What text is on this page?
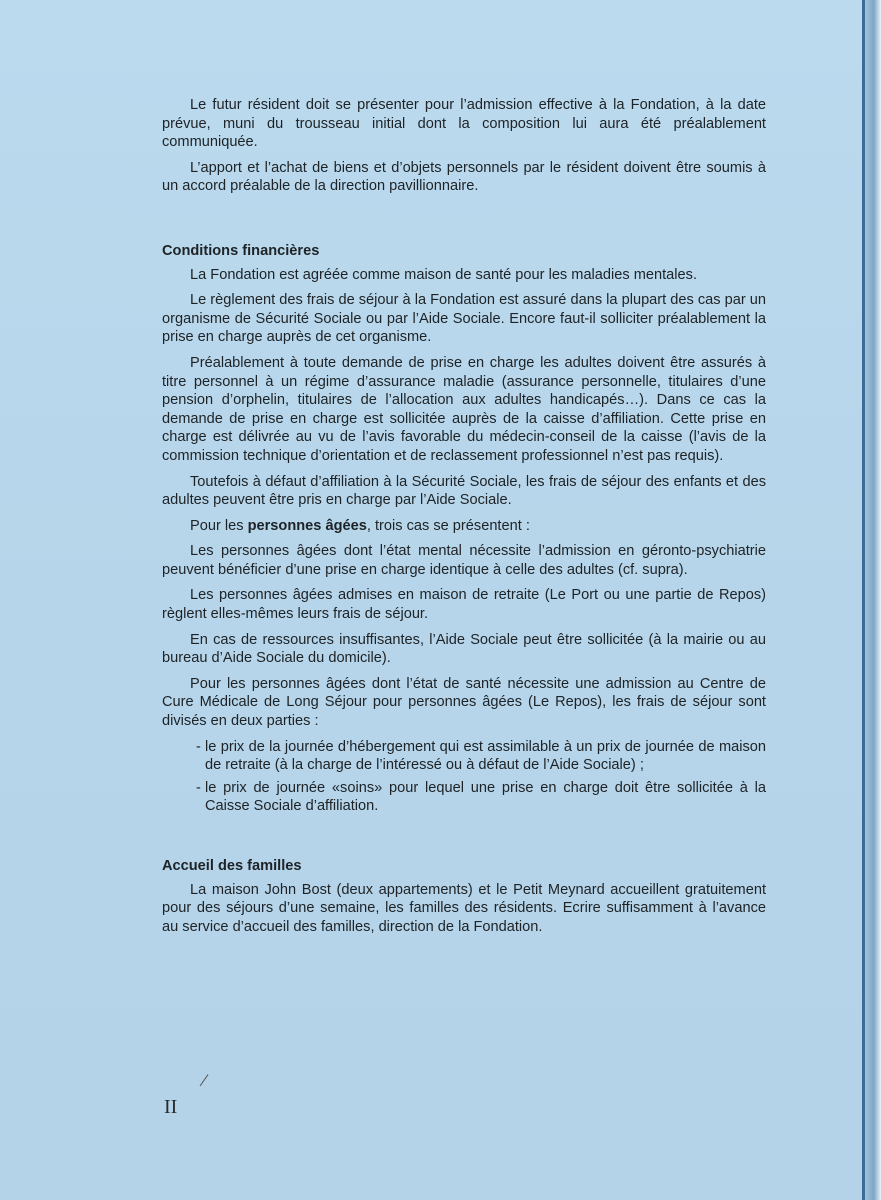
Le futur résident doit se présenter pour l’admission effective à la Fondation, à la date prévue, muni du trousseau initial dont la composition lui aura été préalablement communiquée.

L’apport et l’achat de biens et d’objets personnels par le résident doivent être soumis à un accord préalable de la direction pavillionnaire.

Conditions financières

La Fondation est agréée comme maison de santé pour les maladies mentales.

Le règlement des frais de séjour à la Fondation est assuré dans la plupart des cas par un organisme de Sécurité Sociale ou par l’Aide Sociale. Encore faut-il solliciter préalablement la prise en charge auprès de cet organisme.

Préalablement à toute demande de prise en charge les adultes doivent être assurés à titre personnel à un régime d’assurance maladie (assurance personnelle, titulaires d’une pension d’orphelin, titulaires de l’allocation aux adultes handicapés…). Dans ce cas la demande de prise en charge est sollicitée auprès de la caisse d’affiliation. Cette prise en charge est délivrée au vu de l’avis favorable du médecin-conseil de la caisse (l’avis de la commission technique d’orientation et de reclassement professionnel n’est pas requis).

Toutefois à défaut d’affiliation à la Sécurité Sociale, les frais de séjour des enfants et des adultes peuvent être pris en charge par l’Aide Sociale.

Pour les personnes âgées, trois cas se présentent :

Les personnes âgées dont l’état mental nécessite l’admission en géronto-psychiatrie peuvent bénéficier d’une prise en charge identique à celle des adultes (cf. supra).

Les personnes âgées admises en maison de retraite (Le Port ou une partie de Repos) règlent elles-mêmes leurs frais de séjour.

En cas de ressources insuffisantes, l’Aide Sociale peut être sollicitée (à la mairie ou au bureau d’Aide Sociale du domicile).

Pour les personnes âgées dont l’état de santé nécessite une admission au Centre de Cure Médicale de Long Séjour pour personnes âgées (Le Repos), les frais de séjour sont divisés en deux parties :

- le prix de la journée d’hébergement qui est assimilable à un prix de journée de maison de retraite (à la charge de l’intéressé ou à défaut de l’Aide Sociale) ;
- le prix de journée «soins» pour lequel une prise en charge doit être sollicitée à la Caisse Sociale d’affiliation.

Accueil des familles

La maison John Bost (deux appartements) et le Petit Meynard accueillent gratuitement pour des séjours d’une semaine, les familles des résidents. Ecrire suffisamment à l’avance au service d’accueil des familles, direction de la Fondation.

II
